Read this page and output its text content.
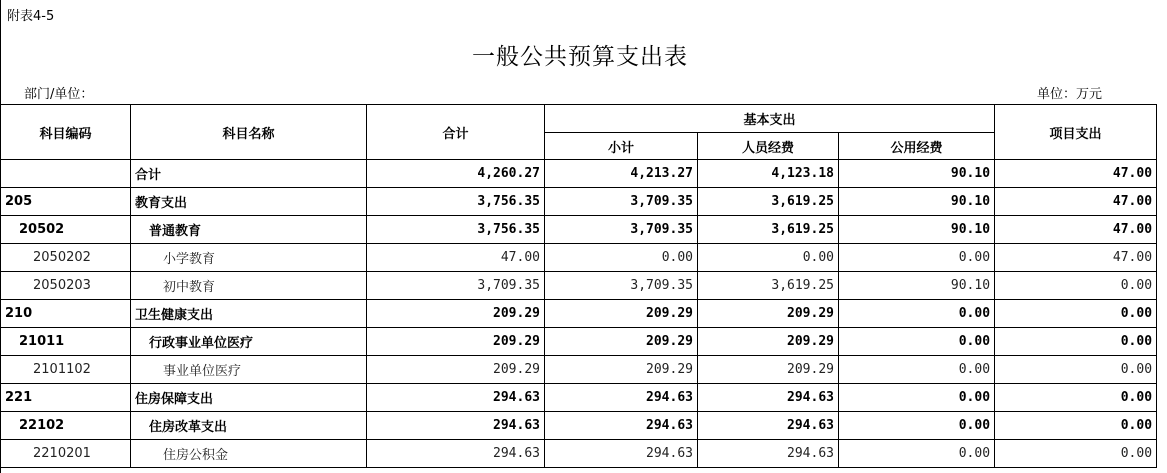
附表4-5
一般公共预算支出表
部门/单位：	单位：万元
科目编码	科目名称	合计	基本支出			项目支出
			小计	人员经费	公用经费	
	合计	4,260.27	4,213.27	4,123.18	90.10	47.00
205	教育支出	3,756.35	3,709.35	3,619.25	90.10	47.00
20502	普通教育	3,756.35	3,709.35	3,619.25	90.10	47.00
2050202	小学教育	47.00	0.00	0.00	0.00	47.00
2050203	初中教育	3,709.35	3,709.35	3,619.25	90.10	0.00
210	卫生健康支出	209.29	209.29	209.29	0.00	0.00
21011	行政事业单位医疗	209.29	209.29	209.29	0.00	0.00
2101102	事业单位医疗	209.29	209.29	209.29	0.00	0.00
221	住房保障支出	294.63	294.63	294.63	0.00	0.00
22102	住房改革支出	294.63	294.63	294.63	0.00	0.00
2210201	住房公积金	294.63	294.63	294.63	0.00	0.00
